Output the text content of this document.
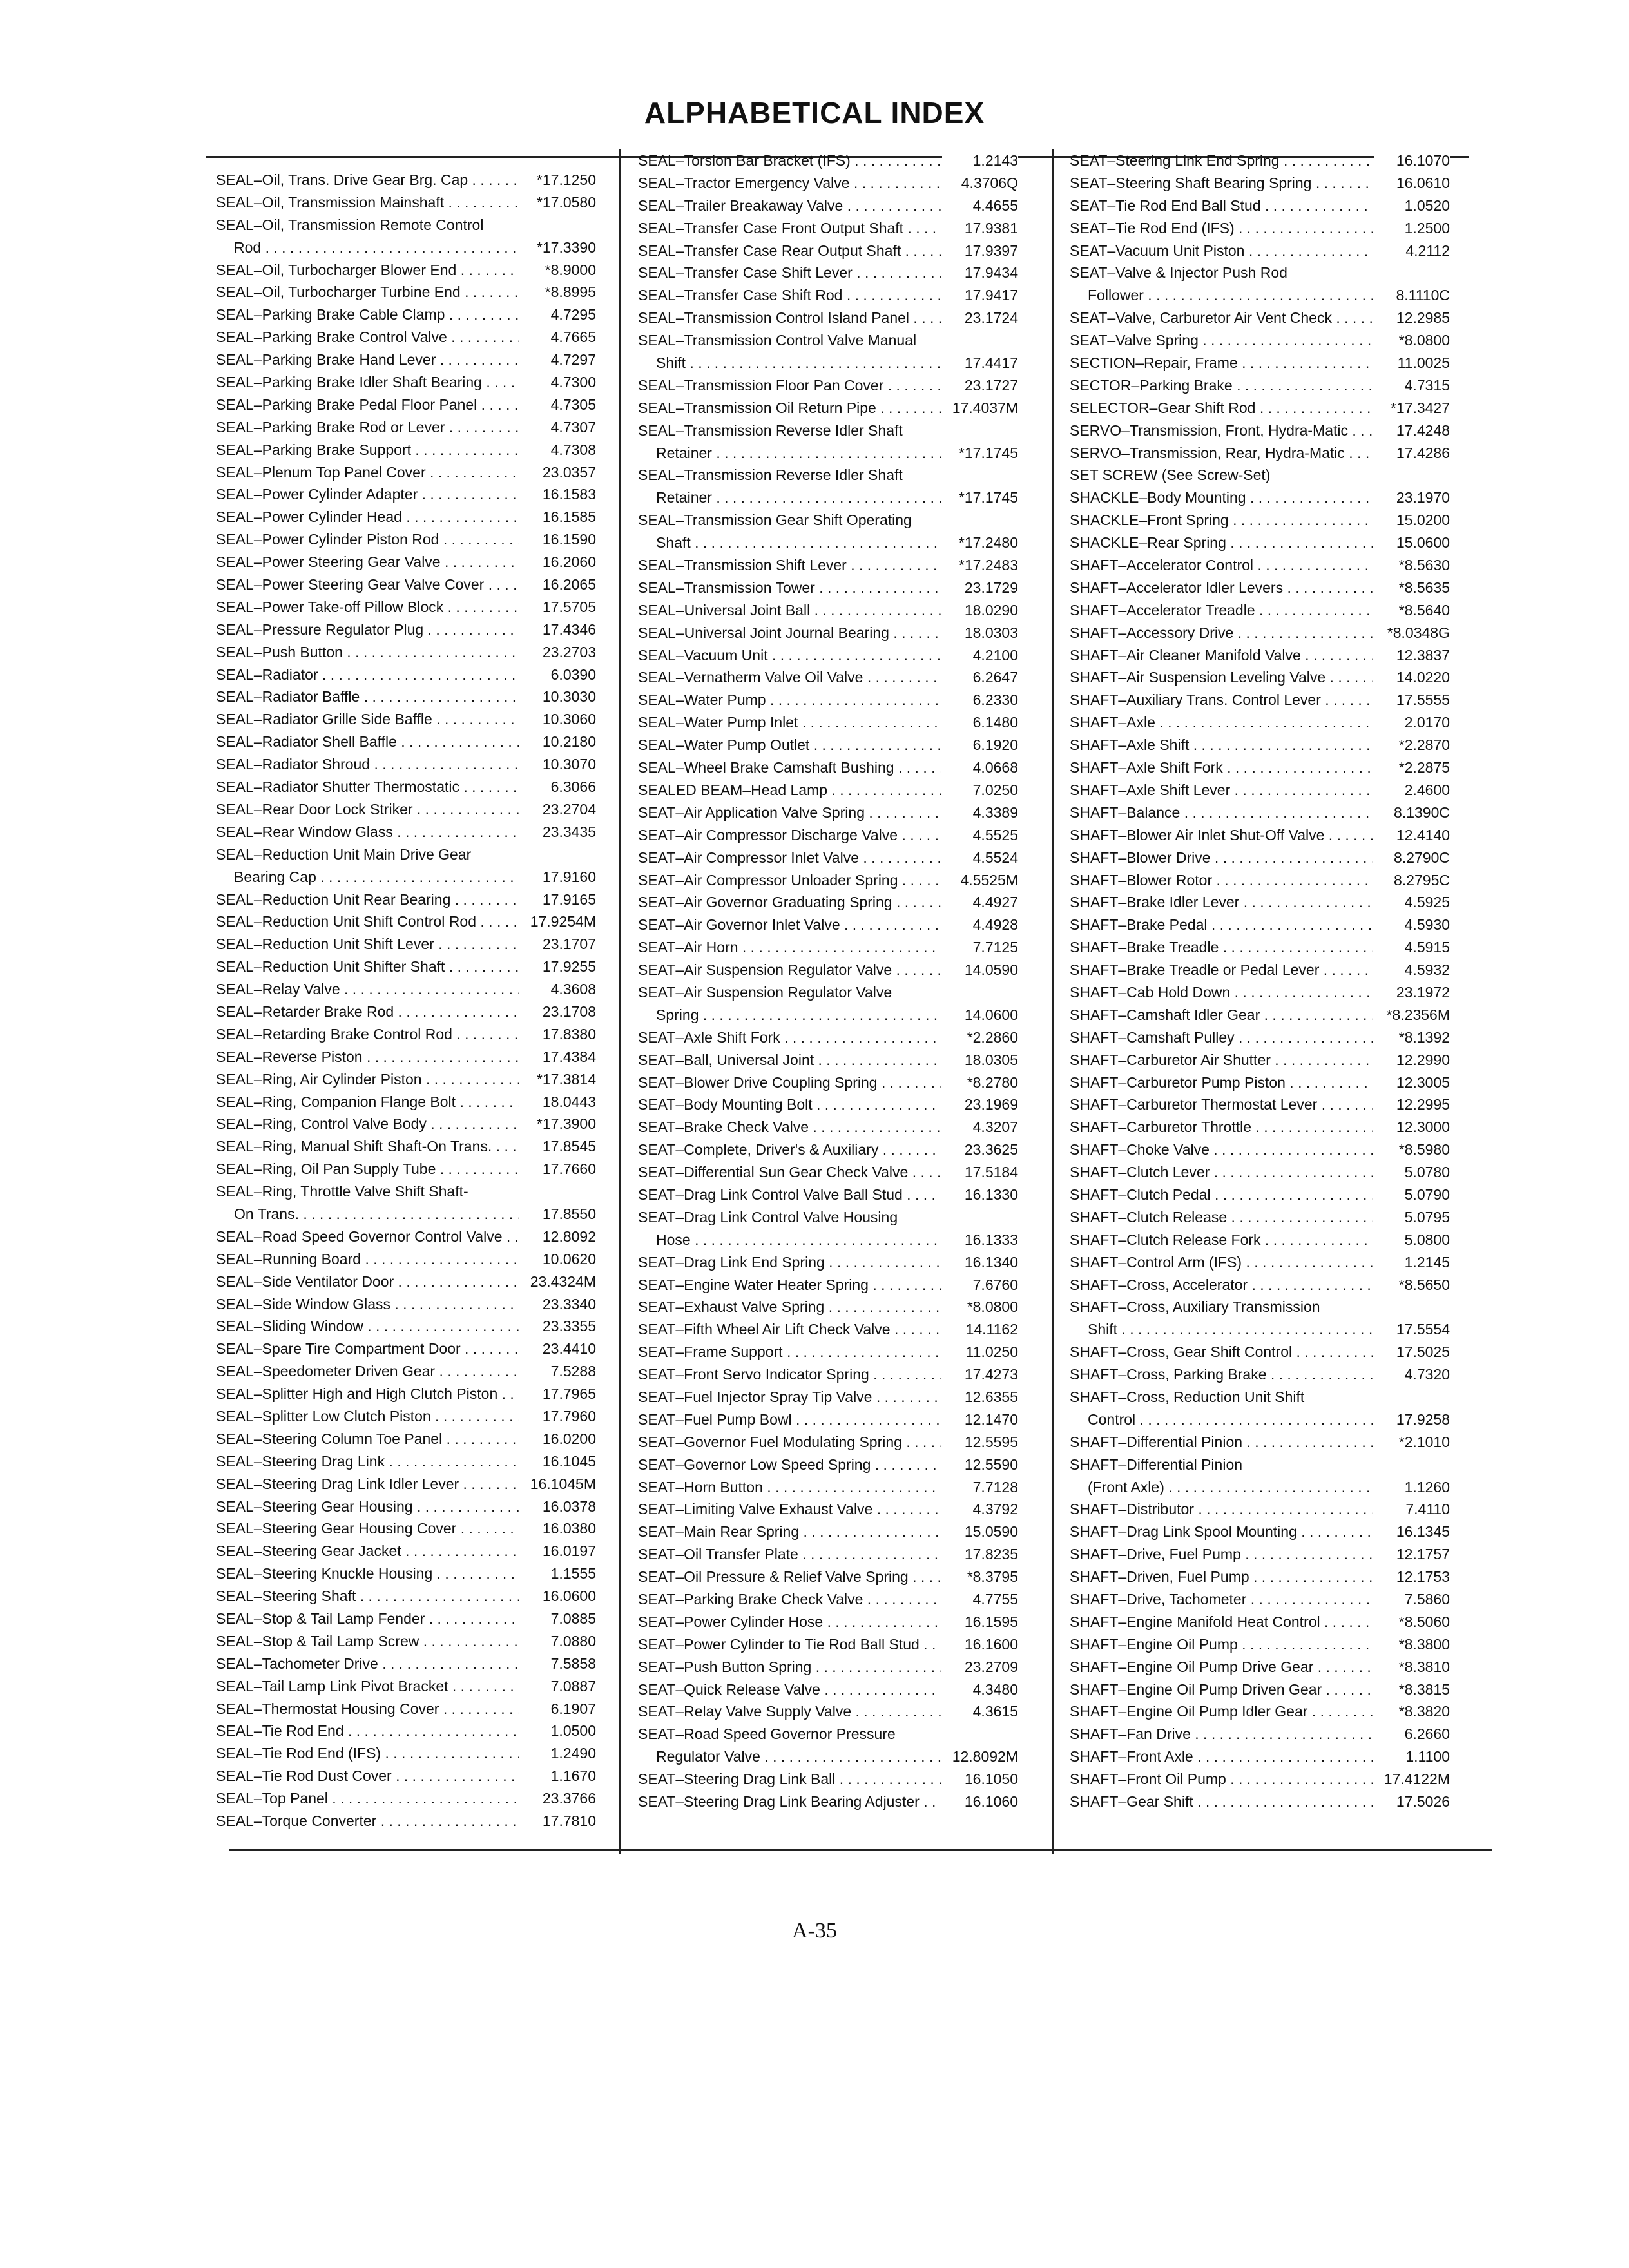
ALPHABETICAL INDEX
SEAL–Oil, Trans. Drive Gear Brg. Cap . . .	*17.1250
SEAL–Oil, Transmission Mainshaft . . .	*17.0580
SEAL–Oil, Transmission Remote Control
Rod . . .	*17.3390
SEAL–Oil, Turbocharger Blower End . . .	*8.9000
SEAL–Oil, Turbocharger Turbine End . . .	*8.8995
SEAL–Parking Brake Cable Clamp . . .	4.7295
SEAL–Parking Brake Control Valve . . .	4.7665
SEAL–Parking Brake Hand Lever . . .	4.7297
SEAL–Parking Brake Idler Shaft Bearing . . .	4.7300
SEAL–Parking Brake Pedal Floor Panel . . .	4.7305
SEAL–Parking Brake Rod or Lever . . .	4.7307
SEAL–Parking Brake Support . . .	4.7308
SEAL–Plenum Top Panel Cover . . .	23.0357
SEAL–Power Cylinder Adapter . . .	16.1583
SEAL–Power Cylinder Head . . .	16.1585
SEAL–Power Cylinder Piston Rod . . .	16.1590
SEAL–Power Steering Gear Valve . . .	16.2060
SEAL–Power Steering Gear Valve Cover . . .	16.2065
SEAL–Power Take-off Pillow Block . . .	17.5705
SEAL–Pressure Regulator Plug . . .	17.4346
SEAL–Push Button . . .	23.2703
SEAL–Radiator . . .	6.0390
SEAL–Radiator Baffle . . .	10.3030
SEAL–Radiator Grille Side Baffle . . .	10.3060
SEAL–Radiator Shell Baffle . . .	10.2180
SEAL–Radiator Shroud . . .	10.3070
SEAL–Radiator Shutter Thermostatic . . .	6.3066
SEAL–Rear Door Lock Striker . . .	23.2704
SEAL–Rear Window Glass . . .	23.3435
SEAL–Reduction Unit Main Drive Gear
Bearing Cap . . .	17.9160
SEAL–Reduction Unit Rear Bearing . . .	17.9165
SEAL–Reduction Unit Shift Control Rod . . .	17.9254M
SEAL–Reduction Unit Shift Lever . . .	23.1707
SEAL–Reduction Unit Shifter Shaft . . .	17.9255
SEAL–Relay Valve . . .	4.3608
SEAL–Retarder Brake Rod . . .	23.1708
SEAL–Retarding Brake Control Rod . . .	17.8380
SEAL–Reverse Piston . . .	17.4384
SEAL–Ring, Air Cylinder Piston . . .	*17.3814
SEAL–Ring, Companion Flange Bolt . . .	18.0443
SEAL–Ring, Control Valve Body . . .	*17.3900
SEAL–Ring, Manual Shift Shaft-On Trans. . . .	17.8545
SEAL–Ring, Oil Pan Supply Tube . . .	17.7660
SEAL–Ring, Throttle Valve Shift Shaft-
On Trans. . . .	17.8550
SEAL–Road Speed Governor Control Valve . . .	12.8092
SEAL–Running Board . . .	10.0620
SEAL–Side Ventilator Door . . .	23.4324M
SEAL–Side Window Glass . . .	23.3340
SEAL–Sliding Window . . .	23.3355
SEAL–Spare Tire Compartment Door . . .	23.4410
SEAL–Speedometer Driven Gear . . .	7.5288
SEAL–Splitter High and High Clutch Piston . . .	17.7965
SEAL–Splitter Low Clutch Piston . . .	17.7960
SEAL–Steering Column Toe Panel . . .	16.0200
SEAL–Steering Drag Link . . .	16.1045
SEAL–Steering Drag Link Idler Lever . . .	16.1045M
SEAL–Steering Gear Housing . . .	16.0378
SEAL–Steering Gear Housing Cover . . .	16.0380
SEAL–Steering Gear Jacket . . .	16.0197
SEAL–Steering Knuckle Housing . . .	1.1555
SEAL–Steering Shaft . . .	16.0600
SEAL–Stop & Tail Lamp Fender . . .	7.0885
SEAL–Stop & Tail Lamp Screw . . .	7.0880
SEAL–Tachometer Drive . . .	7.5858
SEAL–Tail Lamp Link Pivot Bracket . . .	7.0887
SEAL–Thermostat Housing Cover . . .	6.1907
SEAL–Tie Rod End . . .	1.0500
SEAL–Tie Rod End (IFS) . . .	1.2490
SEAL–Tie Rod Dust Cover . . .	1.1670
SEAL–Top Panel . . .	23.3766
SEAL–Torque Converter . . .	17.7810
SEAL–Torsion Bar Bracket (IFS) . . .	1.2143
SEAL–Tractor Emergency Valve . . .	4.3706Q
SEAL–Trailer Breakaway Valve . . .	4.4655
SEAL–Transfer Case Front Output Shaft . . .	17.9381
SEAL–Transfer Case Rear Output Shaft . . .	17.9397
SEAL–Transfer Case Shift Lever . . .	17.9434
SEAL–Transfer Case Shift Rod . . .	17.9417
SEAL–Transmission Control Island Panel . . .	23.1724
SEAL–Transmission Control Valve Manual
Shift . . .	17.4417
SEAL–Transmission Floor Pan Cover . . .	23.1727
SEAL–Transmission Oil Return Pipe . . .	17.4037M
SEAL–Transmission Reverse Idler Shaft
Retainer . . .	*17.1745
SEAL–Transmission Reverse Idler Shaft
Retainer . . .	*17.1745
SEAL–Transmission Gear Shift Operating
Shaft . . .	*17.2480
SEAL–Transmission Shift Lever . . .	*17.2483
SEAL–Transmission Tower . . .	23.1729
SEAL–Universal Joint Ball . . .	18.0290
SEAL–Universal Joint Journal Bearing . . .	18.0303
SEAL–Vacuum Unit . . .	4.2100
SEAL–Vernatherm Valve Oil Valve . . .	6.2647
SEAL–Water Pump . . .	6.2330
SEAL–Water Pump Inlet . . .	6.1480
SEAL–Water Pump Outlet . . .	6.1920
SEAL–Wheel Brake Camshaft Bushing . . .	4.0668
SEALED BEAM–Head Lamp . . .	7.0250
SEAT–Air Application Valve Spring . . .	4.3389
SEAT–Air Compressor Discharge Valve . . .	4.5525
SEAT–Air Compressor Inlet Valve . . .	4.5524
SEAT–Air Compressor Unloader Spring . . .	4.5525M
SEAT–Air Governor Graduating Spring . . .	4.4927
SEAT–Air Governor Inlet Valve . . .	4.4928
SEAT–Air Horn . . .	7.7125
SEAT–Air Suspension Regulator Valve . . .	14.0590
SEAT–Air Suspension Regulator Valve
Spring . . .	14.0600
SEAT–Axle Shift Fork . . .	*2.2860
SEAT–Ball, Universal Joint . . .	18.0305
SEAT–Blower Drive Coupling Spring . . .	*8.2780
SEAT–Body Mounting Bolt . . .	23.1969
SEAT–Brake Check Valve . . .	4.3207
SEAT–Complete, Driver's & Auxiliary . . .	23.3625
SEAT–Differential Sun Gear Check Valve . . .	17.5184
SEAT–Drag Link Control Valve Ball Stud . . .	16.1330
SEAT–Drag Link Control Valve Housing
Hose . . .	16.1333
SEAT–Drag Link End Spring . . .	16.1340
SEAT–Engine Water Heater Spring . . .	7.6760
SEAT–Exhaust Valve Spring . . .	*8.0800
SEAT–Fifth Wheel Air Lift Check Valve . . .	14.1162
SEAT–Frame Support . . .	11.0250
SEAT–Front Servo Indicator Spring . . .	17.4273
SEAT–Fuel Injector Spray Tip Valve . . .	12.6355
SEAT–Fuel Pump Bowl . . .	12.1470
SEAT–Governor Fuel Modulating Spring . . .	12.5595
SEAT–Governor Low Speed Spring . . .	12.5590
SEAT–Horn Button . . .	7.7128
SEAT–Limiting Valve Exhaust Valve . . .	4.3792
SEAT–Main Rear Spring . . .	15.0590
SEAT–Oil Transfer Plate . . .	17.8235
SEAT–Oil Pressure & Relief Valve Spring . . .	*8.3795
SEAT–Parking Brake Check Valve . . .	4.7755
SEAT–Power Cylinder Hose . . .	16.1595
SEAT–Power Cylinder to Tie Rod Ball Stud . . .	16.1600
SEAT–Push Button Spring . . .	23.2709
SEAT–Quick Release Valve . . .	4.3480
SEAT–Relay Valve Supply Valve . . .	4.3615
SEAT–Road Speed Governor Pressure
Regulator Valve . . .	12.8092M
SEAT–Steering Drag Link Ball . . .	16.1050
SEAT–Steering Drag Link Bearing Adjuster . . .	16.1060
SEAT–Steering Link End Spring . . .	16.1070
SEAT–Steering Shaft Bearing Spring . . .	16.0610
SEAT–Tie Rod End Ball Stud . . .	1.0520
SEAT–Tie Rod End (IFS) . . .	1.2500
SEAT–Vacuum Unit Piston . . .	4.2112
SEAT–Valve & Injector Push Rod
Follower . . .	8.1110C
SEAT–Valve, Carburetor Air Vent Check . . .	12.2985
SEAT–Valve Spring . . .	*8.0800
SECTION–Repair, Frame . . .	11.0025
SECTOR–Parking Brake . . .	4.7315
SELECTOR–Gear Shift Rod . . .	*17.3427
SERVO–Transmission, Front, Hydra-Matic . . .	17.4248
SERVO–Transmission, Rear, Hydra-Matic . . .	17.4286
SET SCREW (See Screw-Set)
SHACKLE–Body Mounting . . .	23.1970
SHACKLE–Front Spring . . .	15.0200
SHACKLE–Rear Spring . . .	15.0600
SHAFT–Accelerator Control . . .	*8.5630
SHAFT–Accelerator Idler Levers . . .	*8.5635
SHAFT–Accelerator Treadle . . .	*8.5640
SHAFT–Accessory Drive . . .	*8.0348G
SHAFT–Air Cleaner Manifold Valve . . .	12.3837
SHAFT–Air Suspension Leveling Valve . . .	14.0220
SHAFT–Auxiliary Trans. Control Lever . . .	17.5555
SHAFT–Axle . . .	2.0170
SHAFT–Axle Shift . . .	*2.2870
SHAFT–Axle Shift Fork . . .	*2.2875
SHAFT–Axle Shift Lever . . .	2.4600
SHAFT–Balance . . .	8.1390C
SHAFT–Blower Air Inlet Shut-Off Valve . . .	12.4140
SHAFT–Blower Drive . . .	8.2790C
SHAFT–Blower Rotor . . .	8.2795C
SHAFT–Brake Idler Lever . . .	4.5925
SHAFT–Brake Pedal . . .	4.5930
SHAFT–Brake Treadle . . .	4.5915
SHAFT–Brake Treadle or Pedal Lever . . .	4.5932
SHAFT–Cab Hold Down . . .	23.1972
SHAFT–Camshaft Idler Gear . . .	*8.2356M
SHAFT–Camshaft Pulley . . .	*8.1392
SHAFT–Carburetor Air Shutter . . .	12.2990
SHAFT–Carburetor Pump Piston . . .	12.3005
SHAFT–Carburetor Thermostat Lever . . .	12.2995
SHAFT–Carburetor Throttle . . .	12.3000
SHAFT–Choke Valve . . .	*8.5980
SHAFT–Clutch Lever . . .	5.0780
SHAFT–Clutch Pedal . . .	5.0790
SHAFT–Clutch Release . . .	5.0795
SHAFT–Clutch Release Fork . . .	5.0800
SHAFT–Control Arm (IFS) . . .	1.2145
SHAFT–Cross, Accelerator . . .	*8.5650
SHAFT–Cross, Auxiliary Transmission
Shift . . .	17.5554
SHAFT–Cross, Gear Shift Control . . .	17.5025
SHAFT–Cross, Parking Brake . . .	4.7320
SHAFT–Cross, Reduction Unit Shift
Control . . .	17.9258
SHAFT–Differential Pinion . . .	*2.1010
SHAFT–Differential Pinion
(Front Axle) . . .	1.1260
SHAFT–Distributor . . .	7.4110
SHAFT–Drag Link Spool Mounting . . .	16.1345
SHAFT–Drive, Fuel Pump . . .	12.1757
SHAFT–Driven, Fuel Pump . . .	12.1753
SHAFT–Drive, Tachometer . . .	7.5860
SHAFT–Engine Manifold Heat Control . . .	*8.5060
SHAFT–Engine Oil Pump . . .	*8.3800
SHAFT–Engine Oil Pump Drive Gear . . .	*8.3810
SHAFT–Engine Oil Pump Driven Gear . . .	*8.3815
SHAFT–Engine Oil Pump Idler Gear . . .	*8.3820
SHAFT–Fan Drive . . .	6.2660
SHAFT–Front Axle . . .	1.1100
SHAFT–Front Oil Pump . . .	17.4122M
SHAFT–Gear Shift . . .	17.5026
A-35
